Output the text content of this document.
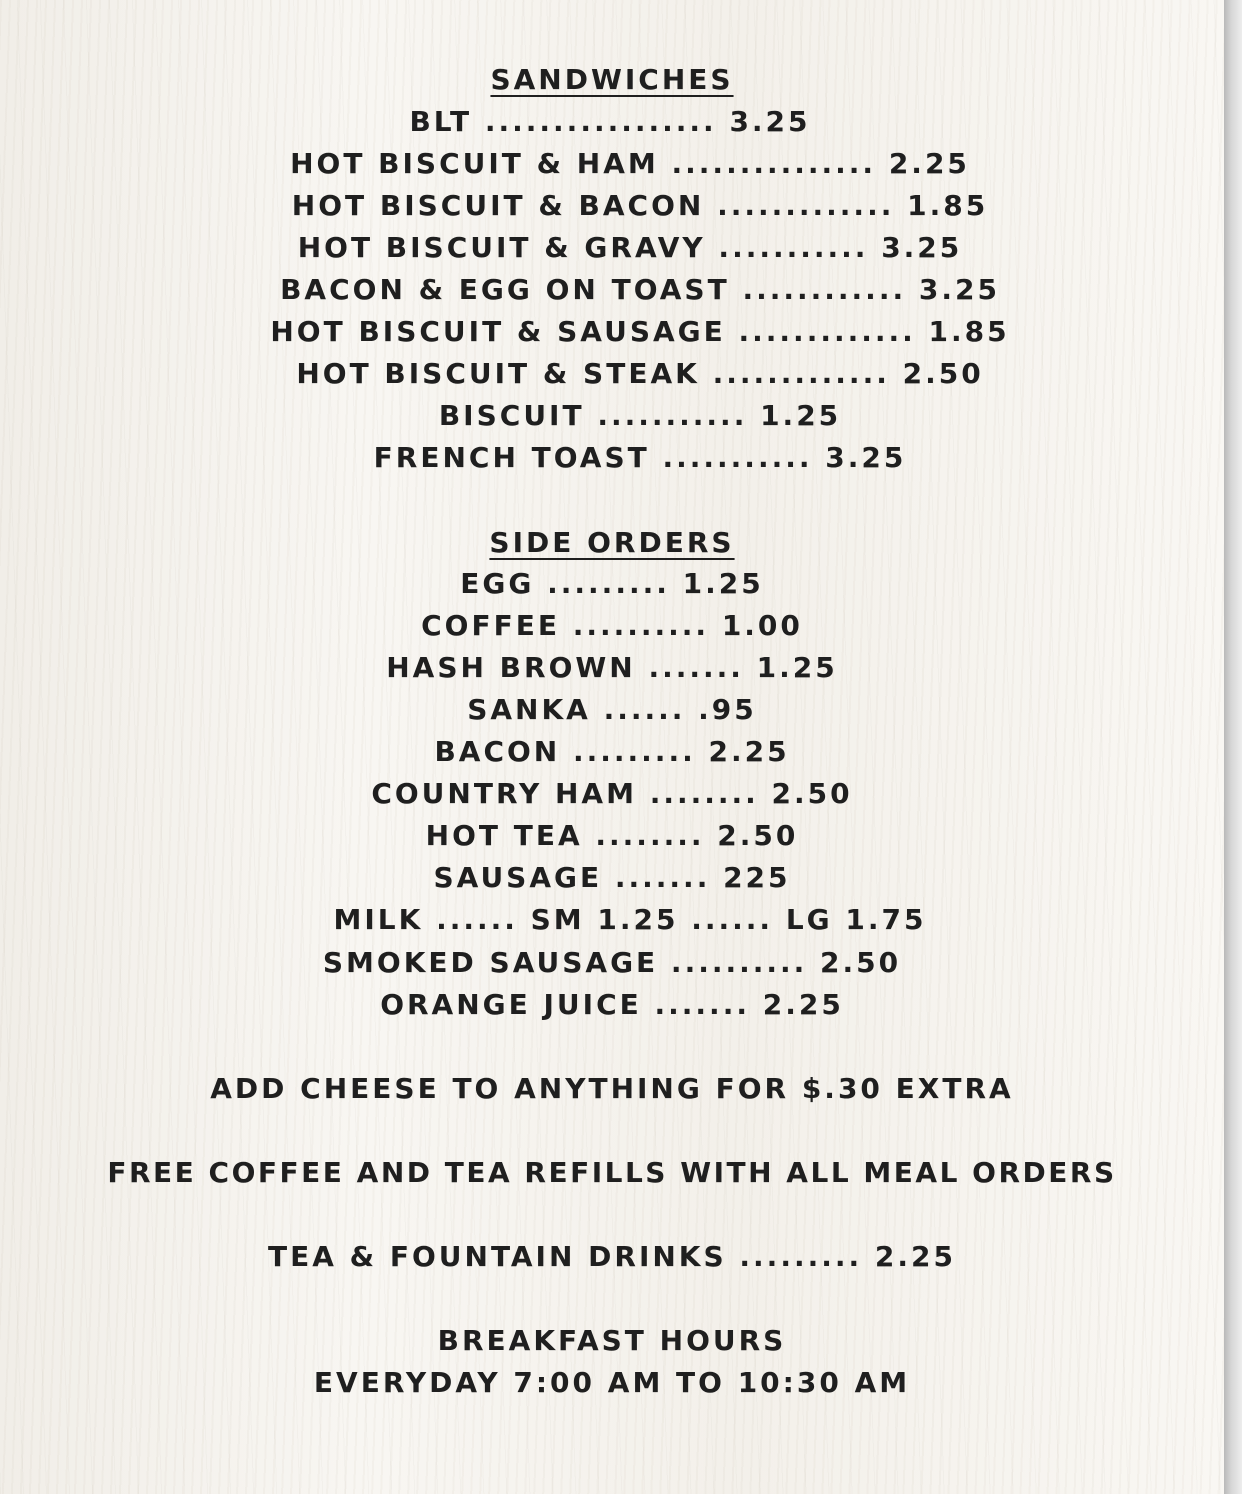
SANDWICHES
BLT ................. 3.25
HOT BISCUIT & HAM ............... 2.25
HOT BISCUIT & BACON ............. 1.85
HOT BISCUIT & GRAVY ........... 3.25
BACON & EGG ON TOAST ............ 3.25
HOT BISCUIT & SAUSAGE ............. 1.85
HOT BISCUIT & STEAK ............. 2.50
BISCUIT ........... 1.25
FRENCH TOAST ........... 3.25
SIDE ORDERS
EGG ......... 1.25
COFFEE .......... 1.00
HASH BROWN ....... 1.25
SANKA ...... .95
BACON ......... 2.25
COUNTRY HAM ........ 2.50
HOT TEA ........ 2.50
SAUSAGE ....... 225
MILK ...... SM 1.25 ...... LG 1.75
SMOKED SAUSAGE .......... 2.50
ORANGE JUICE ....... 2.25
ADD CHEESE TO ANYTHING FOR $.30 EXTRA
FREE COFFEE AND TEA REFILLS WITH ALL MEAL ORDERS
TEA & FOUNTAIN DRINKS ......... 2.25
BREAKFAST HOURS
EVERYDAY 7:00 AM TO 10:30 AM
